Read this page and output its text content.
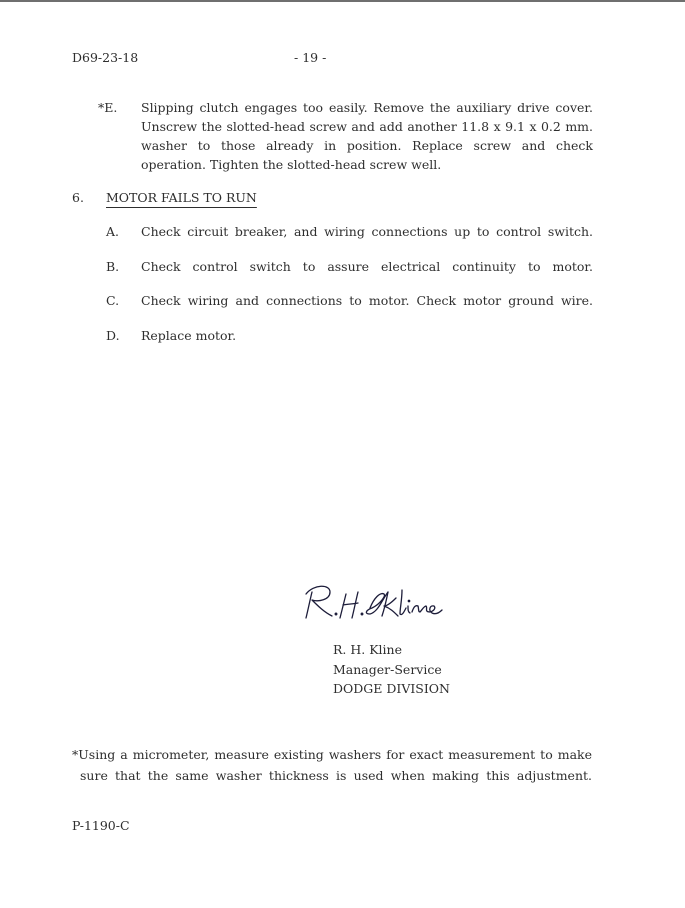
D69-23-18	- 19 -
*E. Slipping clutch engages too easily. Remove the auxiliary drive cover.
Unscrew the slotted-head screw and add another 11.8 x 9.1 x 0.2 mm.
washer to those already in position. Replace screw and check
operation. Tighten the slotted-head screw well.
6. MOTOR FAILS TO RUN
A. Check circuit breaker, and wiring connections up to control switch.
B. Check control switch to assure electrical continuity to motor.
C. Check wiring and connections to motor. Check motor ground wire.
D. Replace motor.
R. H. Kline
Manager-Service
DODGE DIVISION
*Using a micrometer, measure existing washers for exact measurement to make
sure that the same washer thickness is used when making this adjustment.
P-1190-C
